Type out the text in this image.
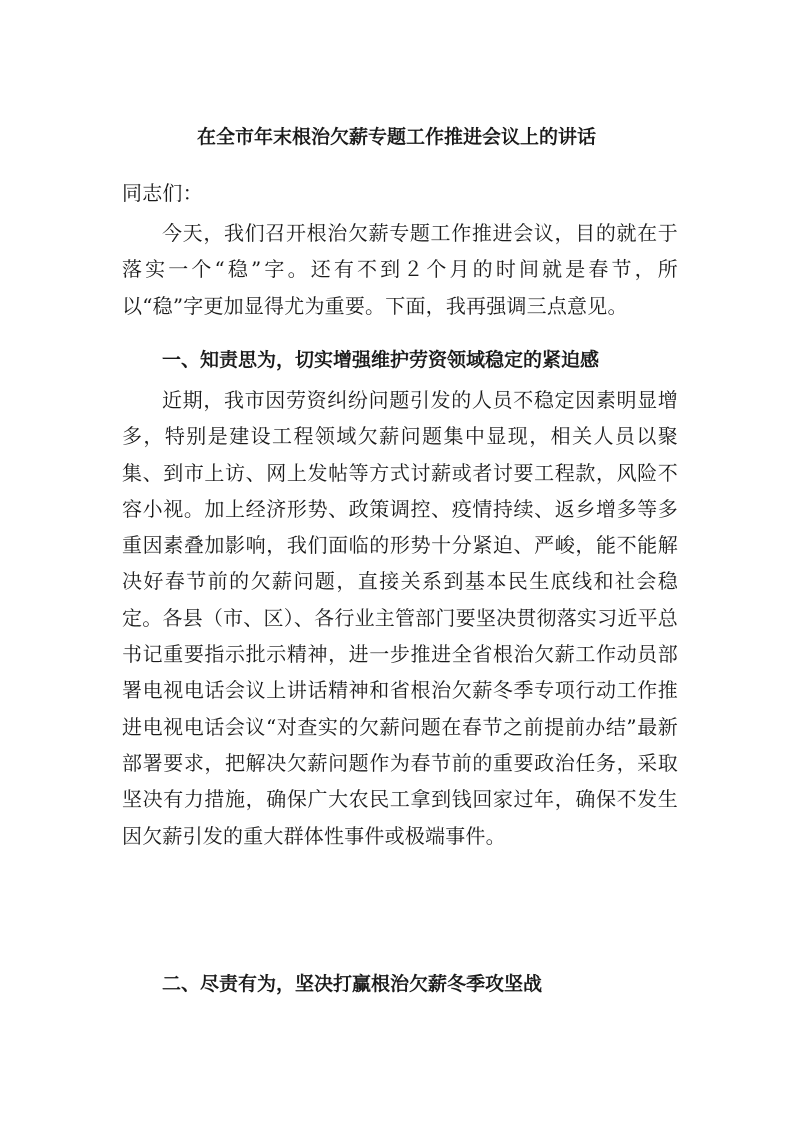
在全市年末根治欠薪专题工作推进会议上的讲话

同志们：

今天，我们召开根治欠薪专题工作推进会议，目的就在于落实一个“稳”字。还有不到２个月的时间就是春节，所以“稳”字更加显得尤为重要。下面，我再强调三点意见。

一、知责思为，切实增强维护劳资领域稳定的紧迫感

近期，我市因劳资纠纷问题引发的人员不稳定因素明显增多，特别是建设工程领域欠薪问题集中显现，相关人员以聚集、到市上访、网上发帖等方式讨薪或者讨要工程款，风险不容小视。加上经济形势、政策调控、疫情持续、返乡增多等多重因素叠加影响，我们面临的形势十分紧迫、严峻，能不能解决好春节前的欠薪问题，直接关系到基本民生底线和社会稳定。各县（市、区）、各行业主管部门要坚决贯彻落实习近平总书记重要指示批示精神，进一步推进全省根治欠薪工作动员部署电视电话会议上讲话精神和省根治欠薪冬季专项行动工作推进电视电话会议“对查实的欠薪问题在春节之前提前办结”最新部署要求，把解决欠薪问题作为春节前的重要政治任务，采取坚决有力措施，确保广大农民工拿到钱回家过年，确保不发生因欠薪引发的重大群体性事件或极端事件。

二、尽责有为，坚决打赢根治欠薪冬季攻坚战
